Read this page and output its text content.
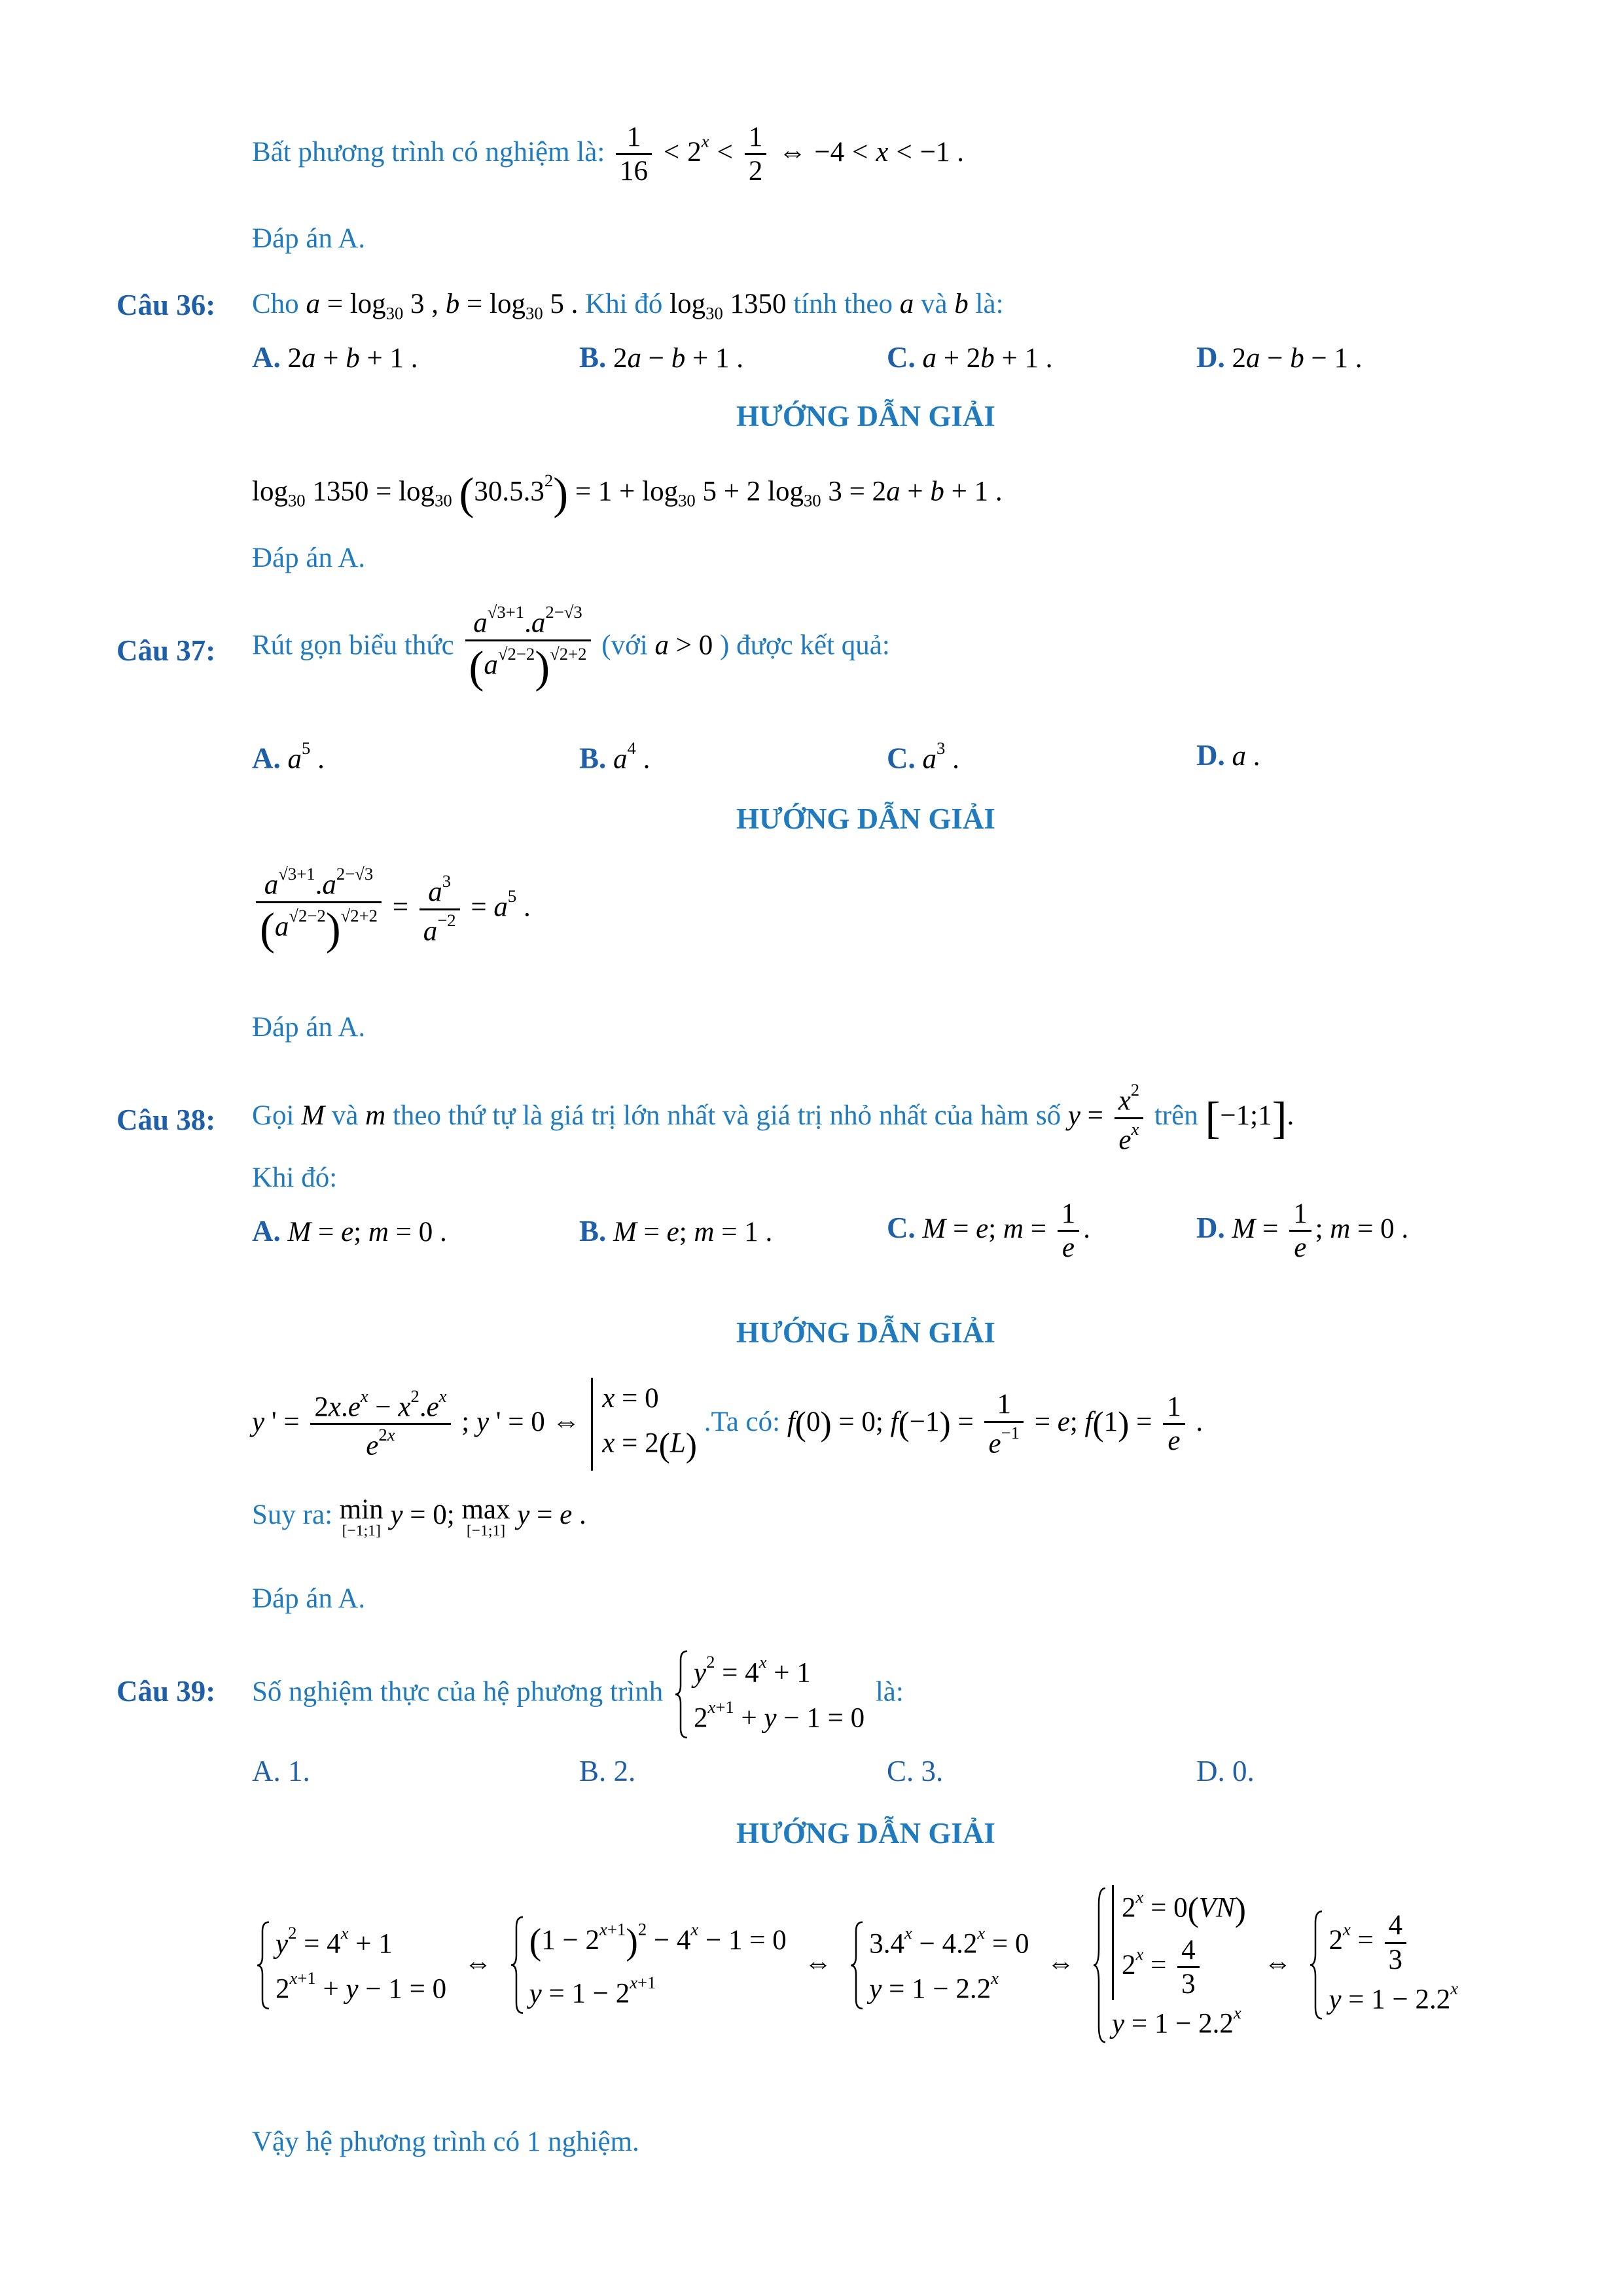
Bất phương trình có nghiệm là: $\frac{1}{16} < 2^x < \frac{1}{2}$ ⇔ −4 < x < −1 .
Đáp án A.
Câu 36: Cho $a = \log_{30} 3$ , $b = \log_{30} 5$ . Khi đó $\log_{30} 1350$ tính theo a và b là:
A. 2a + b + 1 .	B. 2a − b + 1 .	C. a + 2b + 1 .	D. 2a − b − 1 .
HƯỚNG DẪN GIẢI
$\log_{30} 1350 = \log_{30} (30.5.3^2) = 1 + \log_{30} 5 + 2$ $\log_{30} 3 = 2a + b + 1$ .
Đáp án A.
Câu 37: Rút gọn biểu thức $\frac{a^{√3+1}.a^{2-√3}}{(a^{√2-2})^{√2+2}}$ (với a > 0 ) được kết quả:
A. $a^5$ .	B. $a^4$ .	C. $a^3$ .	D. a .
HƯỚNG DẪN GIẢI
$\frac{a^{√3+1}.a^{2-√3}}{(a^{√2-2})^{√2+2}} = \frac{a^3}{a^{-2}} = a^5$ .
Đáp án A.
Câu 38: Gọi M và m theo thứ tự là giá trị lớn nhất và giá trị nhỏ nhất của hàm số $y = \frac{x^2}{e^x}$ trên [−1;1].
Khi đó:
A. M = e; m = 0 .	B. M = e; m = 1 .	C. M = e; $m = \frac{1}{e}$ .	D. $M = \frac{1}{e}$ ; m = 0 .
HƯỚNG DẪN GIẢI
y ' = $\frac{2x.e^x - x^2.e^x}{e^{2x}}$ ; y ' = 0 ⇔
x = 0
x = 2(L)
.Ta có: f(0) = 0; $f(-1) = \frac{1}{e^{-1}} = e$; $f(1) = \frac{1}{e}$ .
Suy ra: min
[−1;1]
y = 0; max
[−1;1]
y = e .
Đáp án A.
Câu 39: Số nghiệm thực của hệ phương trình
$y^2 = 4^x + 1$
$2^{x+1} + y - 1 = 0$
là:
A. 1.	B. 2.	C. 3.	D. 0.
HƯỚNG DẪN GIẢI
$y^2 = 4^x + 1$
$2^{x+1} + y - 1 = 0$
⇔
$(1 - 2^{x+1})^2 - 4^x - 1 = 0$
$y = 1 - 2^{x+1}$
⇔
$3.4^x - 4.2^x = 0$
$y = 1 - 2.2^x$	⇔
$2^x = 0(VN)$
$2^x = \frac{4}{3}$
$y = 1 - 2.2^x$
⇔
$2^x = \frac{4}{3}$
$y = 1 - 2.2^x$
Vậy hệ phương trình có 1 nghiệm.
